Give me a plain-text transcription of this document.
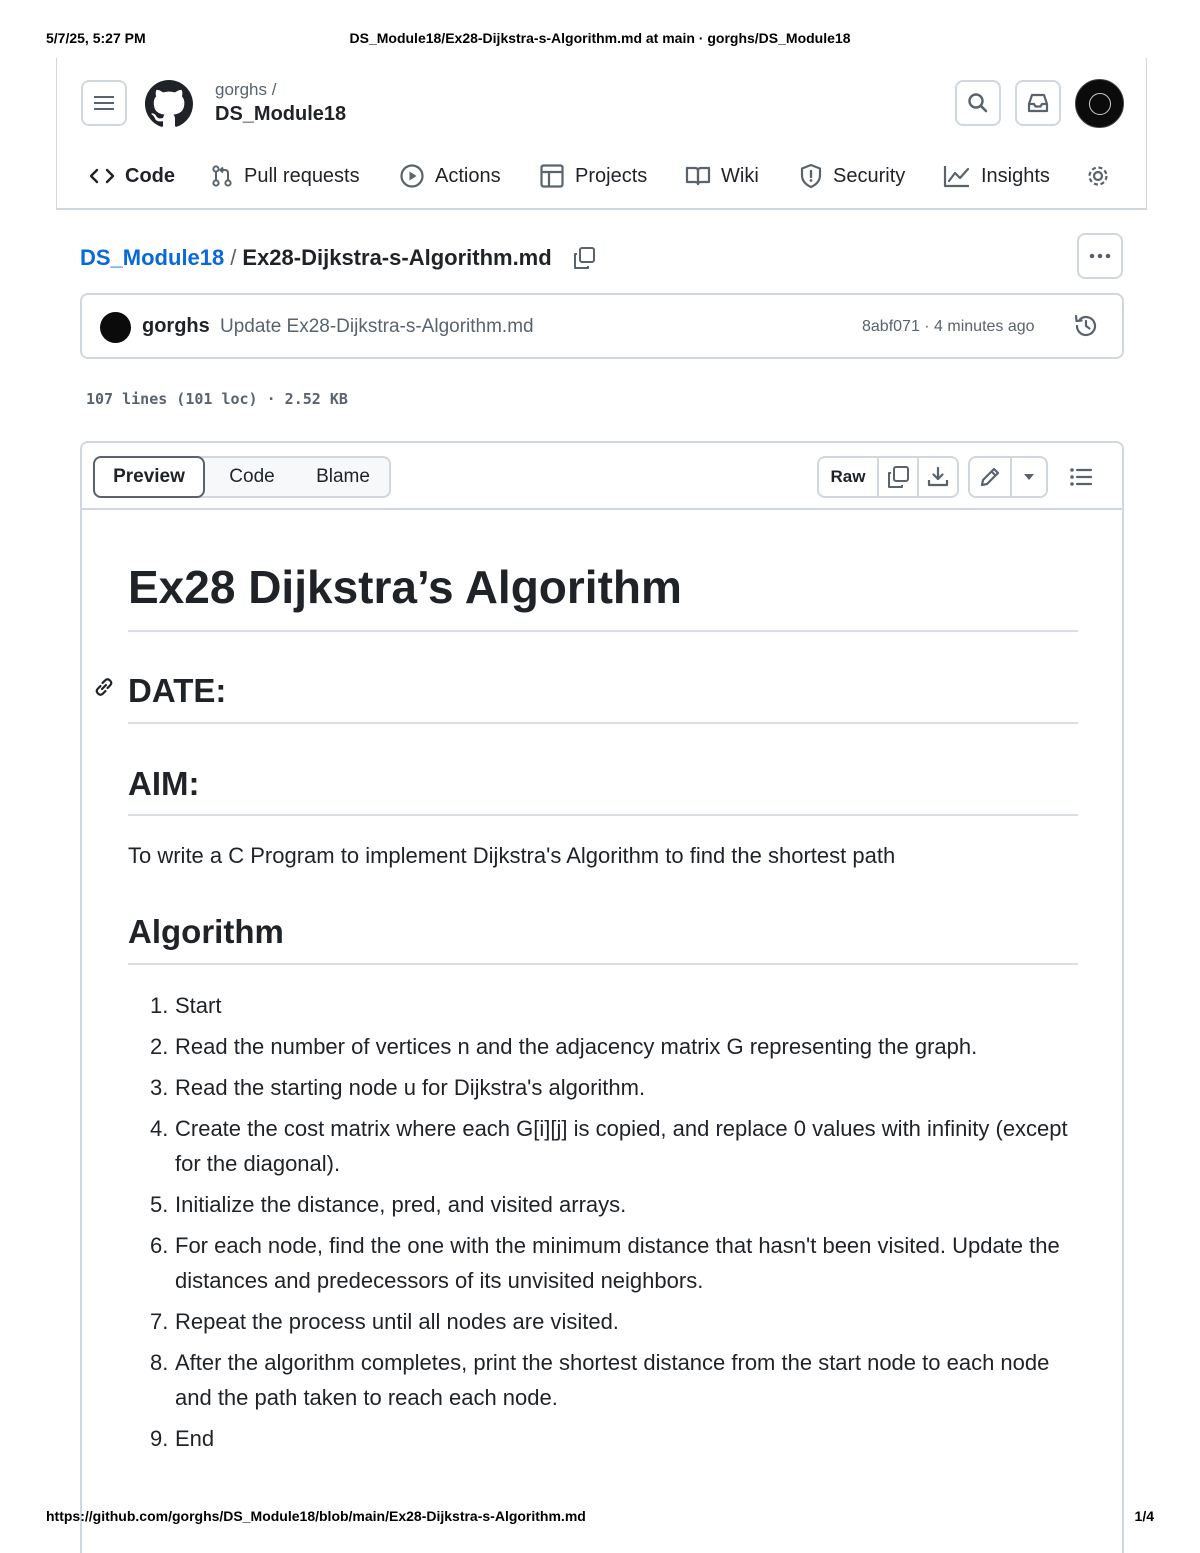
5/7/25, 5:27 PM	DS_Module18/Ex28-Dijkstra-s-Algorithm.md at main · gorghs/DS_Module18
gorghs /
DS_Module18
Code	Pull requests	Actions	Projects	Wiki	Security	Insights
DS_Module18 / Ex28-Dijkstra-s-Algorithm.md
gorghs Update Ex28-Dijkstra-s-Algorithm.md	8abf071 · 4 minutes ago
107 lines (101 loc) · 2.52 KB
Preview	Code	Blame	Raw
Ex28 Dijkstra’s Algorithm
DATE:
AIM:

To write a C Program to implement Dijkstra's Algorithm to find the shortest path

Algorithm
1. Start
2. Read the number of vertices n and the adjacency matrix G representing the graph.
3. Read the starting node u for Dijkstra's algorithm.
4. Create the cost matrix where each G[i][j] is copied, and replace 0 values with infinity (except for the diagonal).
5. Initialize the distance, pred, and visited arrays.
6. For each node, find the one with the minimum distance that hasn't been visited. Update the distances and predecessors of its unvisited neighbors.
7. Repeat the process until all nodes are visited.
8. After the algorithm completes, print the shortest distance from the start node to each node and the path taken to reach each node.
9. End
https://github.com/gorghs/DS_Module18/blob/main/Ex28-Dijkstra-s-Algorithm.md	1/4
